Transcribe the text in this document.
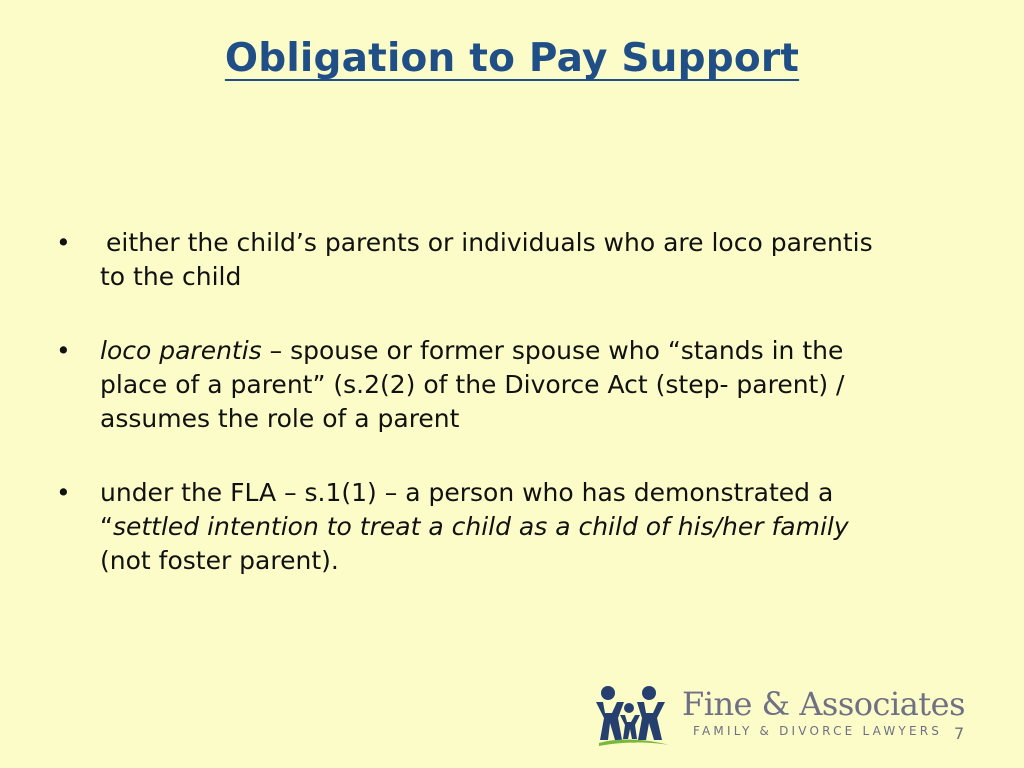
Obligation to Pay Support
• either the child’s parents or individuals who are loco parentis
to the child
• loco parentis – spouse or former spouse who “stands in the
place of a parent” (s.2(2) of the Divorce Act (step- parent) /
assumes the role of a parent
• under the FLA – s.1(1) – a person who has demonstrated a
“settled intention to treat a child as a child of his/her family
(not foster parent).
Fine & Associates
FAMILY & DIVORCE LAWYERS 7
